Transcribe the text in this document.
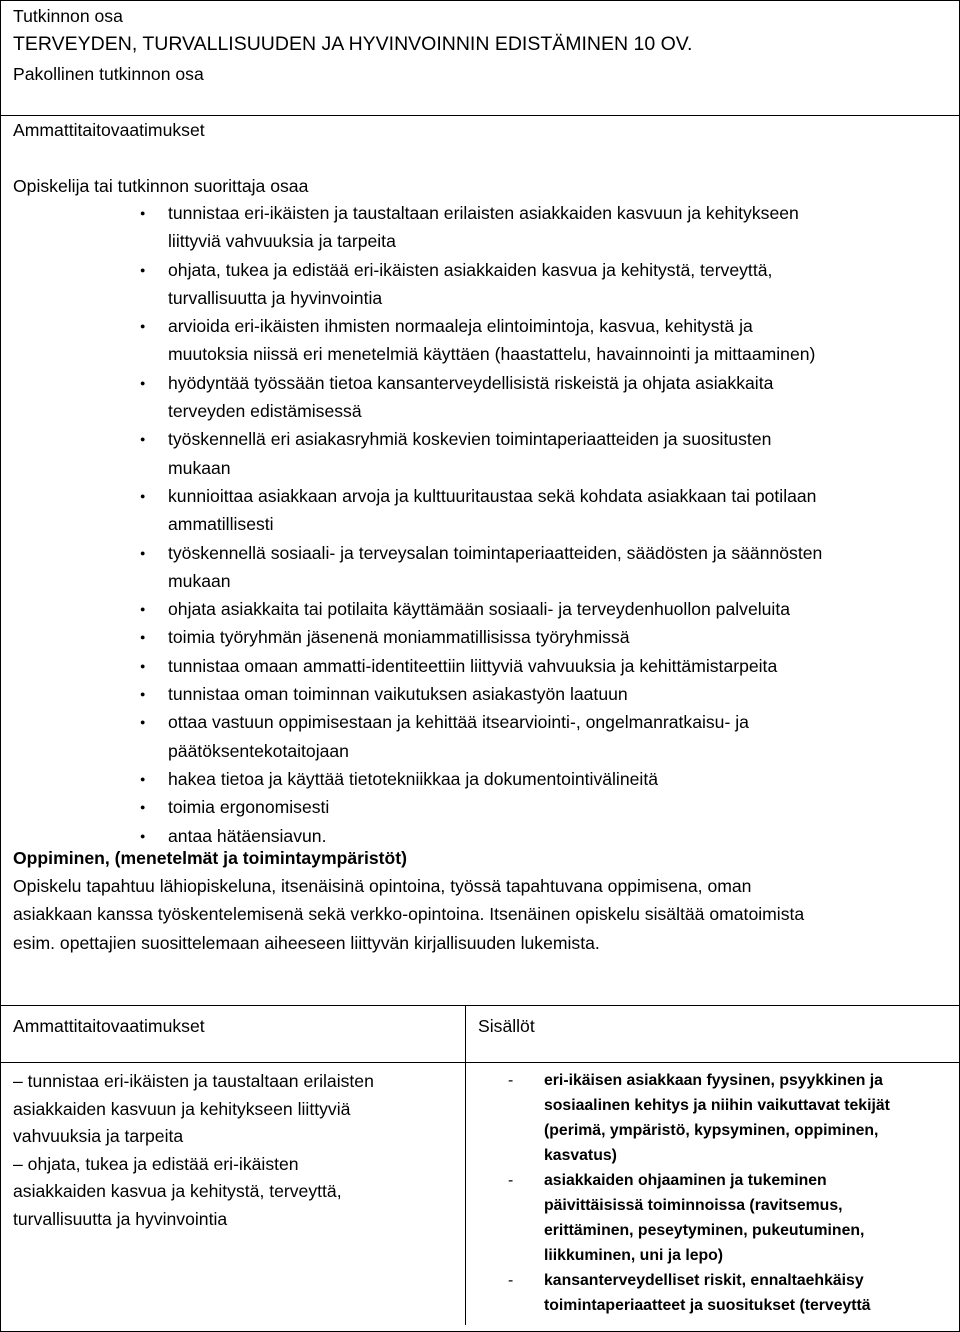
Tutkinnon osa
TERVEYDEN, TURVALLISUUDEN JA HYVINVOINNIN EDISTÄMINEN 10 OV.
Pakollinen tutkinnon osa
Ammattitaitovaatimukset
Opiskelija tai tutkinnon suorittaja osaa
● tunnistaa eri-ikäisten ja taustaltaan erilaisten asiakkaiden kasvuun ja kehitykseen
liittyviä vahvuuksia ja tarpeita
● ohjata, tukea ja edistää eri-ikäisten asiakkaiden kasvua ja kehitystä, terveyttä,
turvallisuutta ja hyvinvointia
● arvioida eri-ikäisten ihmisten normaaleja elintoimintoja, kasvua, kehitystä ja
muutoksia niissä eri menetelmiä käyttäen (haastattelu, havainnointi ja mittaaminen)
● hyödyntää työssään tietoa kansanterveydellisistä riskeistä ja ohjata asiakkaita
terveyden edistämisessä
● työskennellä eri asiakasryhmiä koskevien toimintaperiaatteiden ja suositusten
mukaan
● kunnioittaa asiakkaan arvoja ja kulttuuritaustaa sekä kohdata asiakkaan tai potilaan
ammatillisesti
● työskennellä sosiaali- ja terveysalan toimintaperiaatteiden, säädösten ja säännösten
mukaan
● ohjata asiakkaita tai potilaita käyttämään sosiaali- ja terveydenhuollon palveluita
● toimia työryhmän jäsenenä moniammatillisissa työryhmissä
● tunnistaa omaan ammatti-identiteettiin liittyviä vahvuuksia ja kehittämistarpeita
● tunnistaa oman toiminnan vaikutuksen asiakastyön laatuun
● ottaa vastuun oppimisestaan ja kehittää itsearviointi-, ongelmanratkaisu- ja
päätöksentekotaitojaan
● hakea tietoa ja käyttää tietotekniikkaa ja dokumentointivälineitä
● toimia ergonomisesti
● antaa hätäensiavun.
Oppiminen, (menetelmät ja toimintaympäristöt)
Opiskelu tapahtuu lähiopiskeluna, itsenäisinä opintoina, työssä tapahtuvana oppimisena, oman
asiakkaan kanssa työskentelemisenä sekä verkko-opintoina. Itsenäinen opiskelu sisältää omatoimista
esim. opettajien suosittelemaan aiheeseen liittyvän kirjallisuuden lukemista.
Ammattitaitovaatimukset	Sisällöt
– tunnistaa eri-ikäisten ja taustaltaan erilaisten
asiakkaiden kasvuun ja kehitykseen liittyviä
vahvuuksia ja tarpeita
– ohjata, tukea ja edistää eri-ikäisten
asiakkaiden kasvua ja kehitystä, terveyttä,
turvallisuutta ja hyvinvointia
- eri-ikäisen asiakkaan fyysinen, psyykkinen ja
sosiaalinen kehitys ja niihin vaikuttavat tekijät
(perimä, ympäristö, kypsyminen, oppiminen,
kasvatus)
- asiakkaiden ohjaaminen ja tukeminen
päivittäisissä toiminnoissa (ravitsemus,
erittäminen, peseytyminen, pukeutuminen,
liikkuminen, uni ja lepo)
- kansanterveydelliset riskit, ennaltaehkäisy
toimintaperiaatteet ja suositukset (terveyttä
